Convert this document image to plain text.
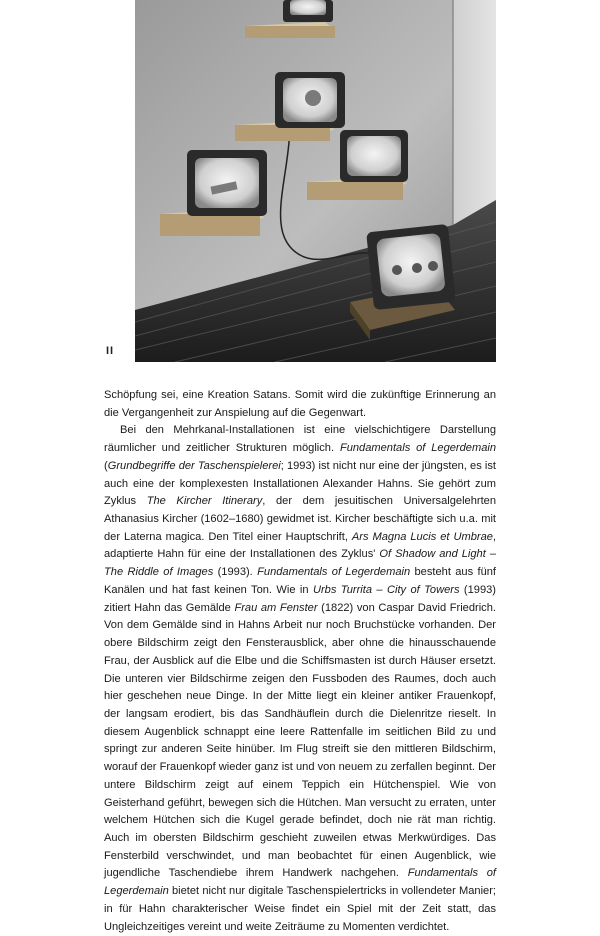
II

Schöpfung sei, eine Kreation Satans. Somit wird die zukünftige Erinnerung an die Vergangenheit zur Anspielung auf die Gegenwart.

Bei den Mehrkanal-Installationen ist eine vielschichtigere Darstellung räumlicher und zeitlicher Strukturen möglich. Fundamentals of Legerdemain (Grundbegriffe der Taschenspielerei; 1993) ist nicht nur eine der jüngsten, es ist auch eine der komplexesten Installationen Alexander Hahns. Sie gehört zum Zyklus The Kircher Itinerary, der dem jesuitischen Universalgelehrten Athanasius Kircher (1602–1680) gewidmet ist. Kircher beschäftigte sich u.a. mit der Laterna magica. Den Titel einer Hauptschrift, Ars Magna Lucis et Umbrae, adaptierte Hahn für eine der Installationen des Zyklus' Of Shadow and Light – The Riddle of Images (1993). Fundamentals of Legerdemain besteht aus fünf Kanälen und hat fast keinen Ton. Wie in Urbs Turrita – City of Towers (1993) zitiert Hahn das Gemälde Frau am Fenster (1822) von Caspar David Friedrich. Von dem Gemälde sind in Hahns Arbeit nur noch Bruchstücke vorhanden. Der obere Bildschirm zeigt den Fensterausblick, aber ohne die hinausschauende Frau, der Ausblick auf die Elbe und die Schiffsmasten ist durch Häuser ersetzt. Die unteren vier Bildschirme zeigen den Fussboden des Raumes, doch auch hier geschehen neue Dinge. In der Mitte liegt ein kleiner antiker Frauenkopf, der langsam erodiert, bis das Sandhäuflein durch die Dielenritze rieselt. In diesem Augenblick schnappt eine leere Rattenfalle im seitlichen Bild zu und springt zur anderen Seite hinüber. Im Flug streift sie den mittleren Bildschirm, worauf der Frauenkopf wieder ganz ist und von neuem zu zerfallen beginnt. Der untere Bildschirm zeigt auf einem Teppich ein Hütchenspiel. Wie von Geisterhand geführt, bewegen sich die Hütchen. Man versucht zu erraten, unter welchem Hütchen sich die Kugel gerade befindet, doch nie rät man richtig. Auch im obersten Bildschirm geschieht zuweilen etwas Merkwürdiges. Das Fensterbild verschwindet, und man beobachtet für einen Augenblick, wie jugendliche Taschendiebe ihrem Handwerk nachgehen. Fundamentals of Legerdemain bietet nicht nur digitale Taschenspielertricks in vollendeter Manier; in für Hahn charakterischer Weise findet ein Spiel mit der Zeit statt, das Ungleichzeitiges vereint und weite Zeiträume zu Momenten verdichtet.
